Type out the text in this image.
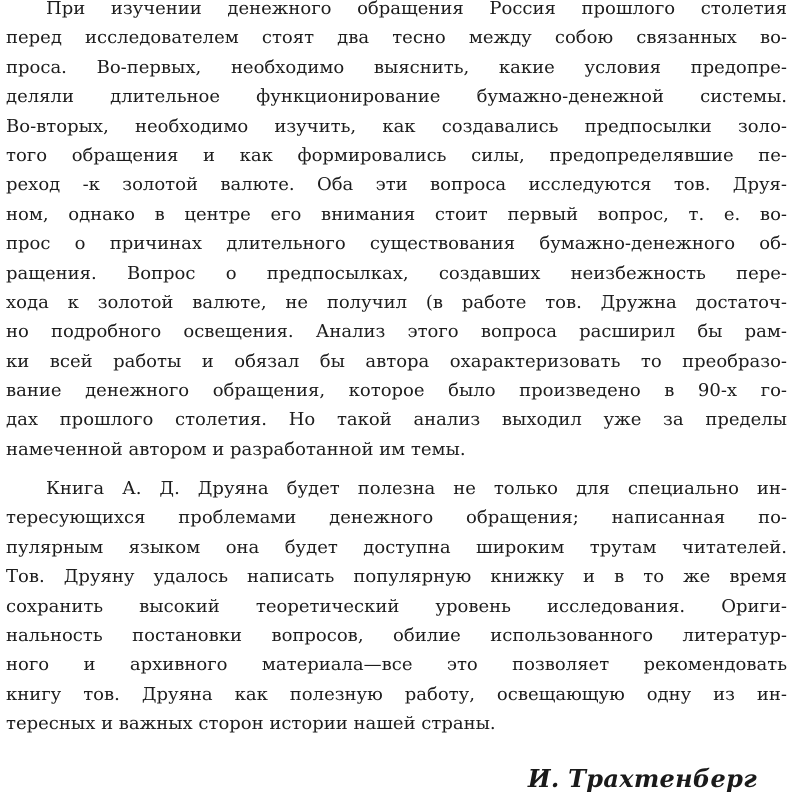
При изучении денежного обращения Россия прошлого столетия
перед исследователем стоят два тесно между собою связанных во-
проса. Во-первых, необходимо выяснить, какие условия предопре-
деляли длительное функционирование бумажно-денежной системы.
Во-вторых, необходимо изучить, как создавались предпосылки золо-
того обращения и как формировались силы, предопределявшие пе-
реход -к золотой валюте. Оба эти вопроса исследуются тов. Друя-
ном, однако в центре его внимания стоит первый вопрос, т. е. во-
прос о причинах длительного существования бумажно-денежного об-
ращения. Вопрос о предпосылках, создавших неизбежность пере-
хода к золотой валюте, не получил (в работе тов. Дружна достаточ-
но подробного освещения. Анализ этого вопроса расширил бы рам-
ки всей работы и обязал бы автора охарактеризовать то преобразо-
вание денежного обращения, которое было произведено в 90-х го-
дах прошлого столетия. Но такой анализ выходил уже за пределы
намеченной автором и разработанной им темы.
Книга А. Д. Друяна будет полезна не только для специально ин-
тересующихся проблемами денежного обращения; написанная по-
пулярным языком она будет доступна широким трутам читателей.
Тов. Друяну удалось написать популярную книжку и в то же время
сохранить высокий теоретический уровень исследования. Ориги-
нальность постановки вопросов, обилие использованного литератур-
ного и архивного материала—все это позволяет рекомендовать
книгу тов. Друяна как полезную работу, освещающую одну из ин-
тересных и важных сторон истории нашей страны.
И. Трахтенберг
